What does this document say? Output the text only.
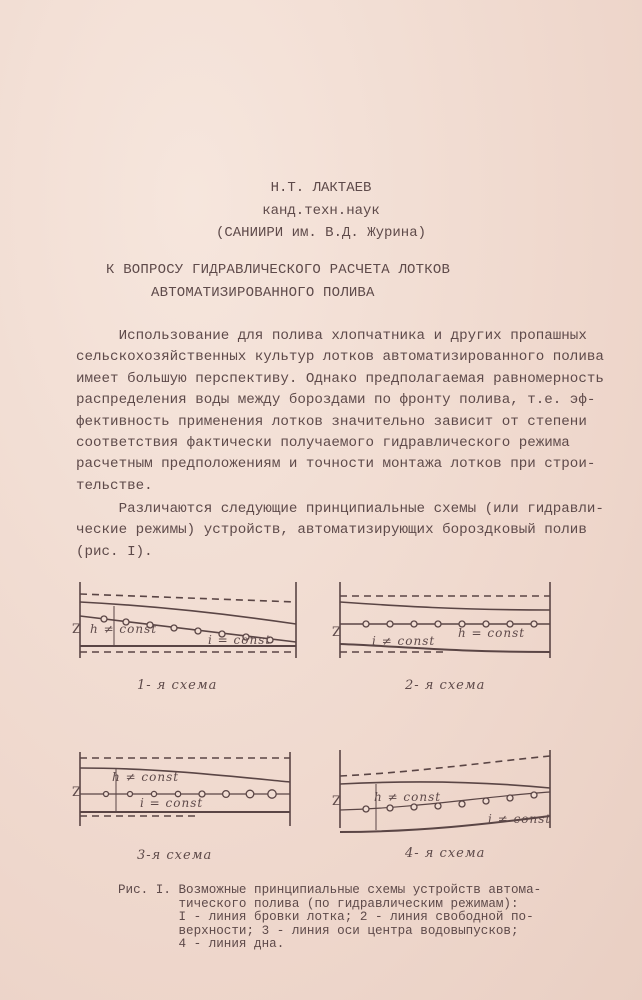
Н.Т. ЛАКТАЕВ
канд.техн.наук
(САНИИРИ им. В.Д. Журина)
К ВОПРОСУ ГИДРАВЛИЧЕСКОГО РАСЧЕТА ЛОТКОВ
АВТОМАТИЗИРОВАННОГО ПОЛИВА
Использование для полива хлопчатника и других пропашных
сельскохозяйственных культур лотков автоматизированного полива
имеет большую перспективу. Однако предполагаемая равномерность
распределения воды между бороздами по фронту полива, т.е. эф-
фективность применения лотков значительно зависит от степени
соответствия фактически получаемого гидравлического режима
расчетным предположениям и точности монтажа лотков при строи-
тельстве.
Различаются следующие принципиальные схемы (или гидравли-
ческие режимы) устройств, автоматизирующих бороздковый полив
(рис. I).
Z h ≠ const
i = const
1- я схема
Z
i ≠ const
h = const
2- я схема
Z
h ≠ const
i = const
3-я схема
Z	h ≠ const
i ≠ const
4- я схема
Рис. I. Возможные принципиальные схемы устройств автома-
тического полива (по гидравлическим режимам):
I - линия бровки лотка; 2 - линия свободной по-
верхности; 3 - линия оси центра водовыпусков;
4 - линия дна.
